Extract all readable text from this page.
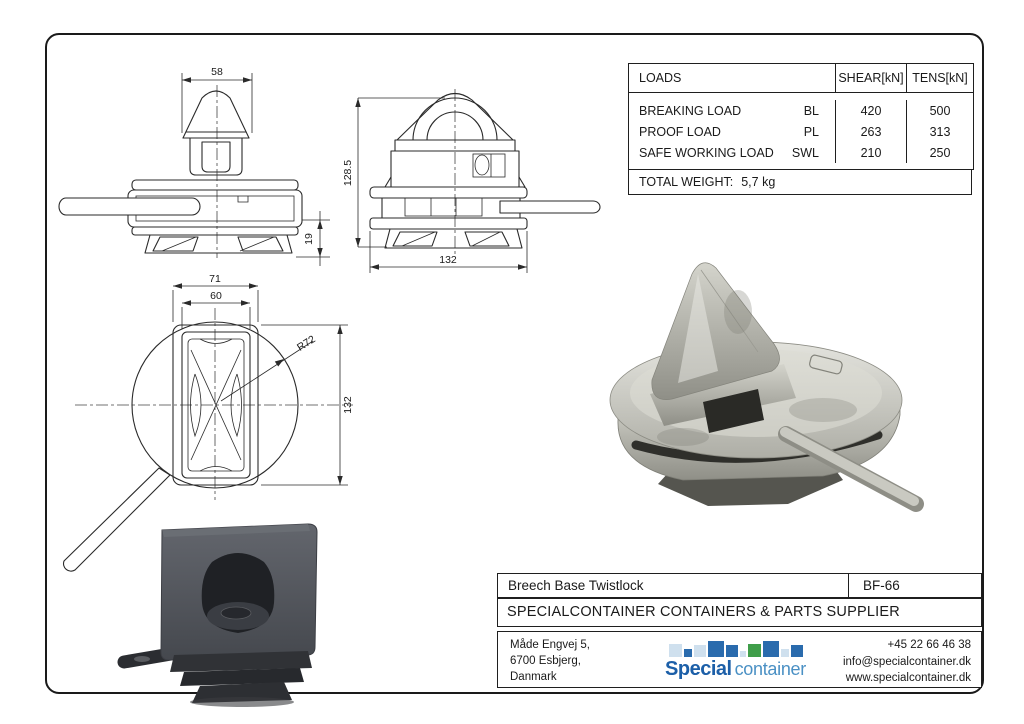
58
19
128.5
132
71
60
R72
132
LOADS	SHEAR[kN] TENS[kN]
BREAKING LOAD	BL	420	500
PROOF LOAD	PL	263	313
SAFE WORKING LOAD SWL	210	250
TOTAL WEIGHT: 5,7 kg
Breech Base Twistlock	BF-66
SPECIALCONTAINER CONTAINERS & PARTS SUPPLIER
Måde Engvej 5,
6700 Esbjerg,
Danmark	Special container
+45 22 66 46 38
info@specialcontainer.dk
www.specialcontainer.dk
